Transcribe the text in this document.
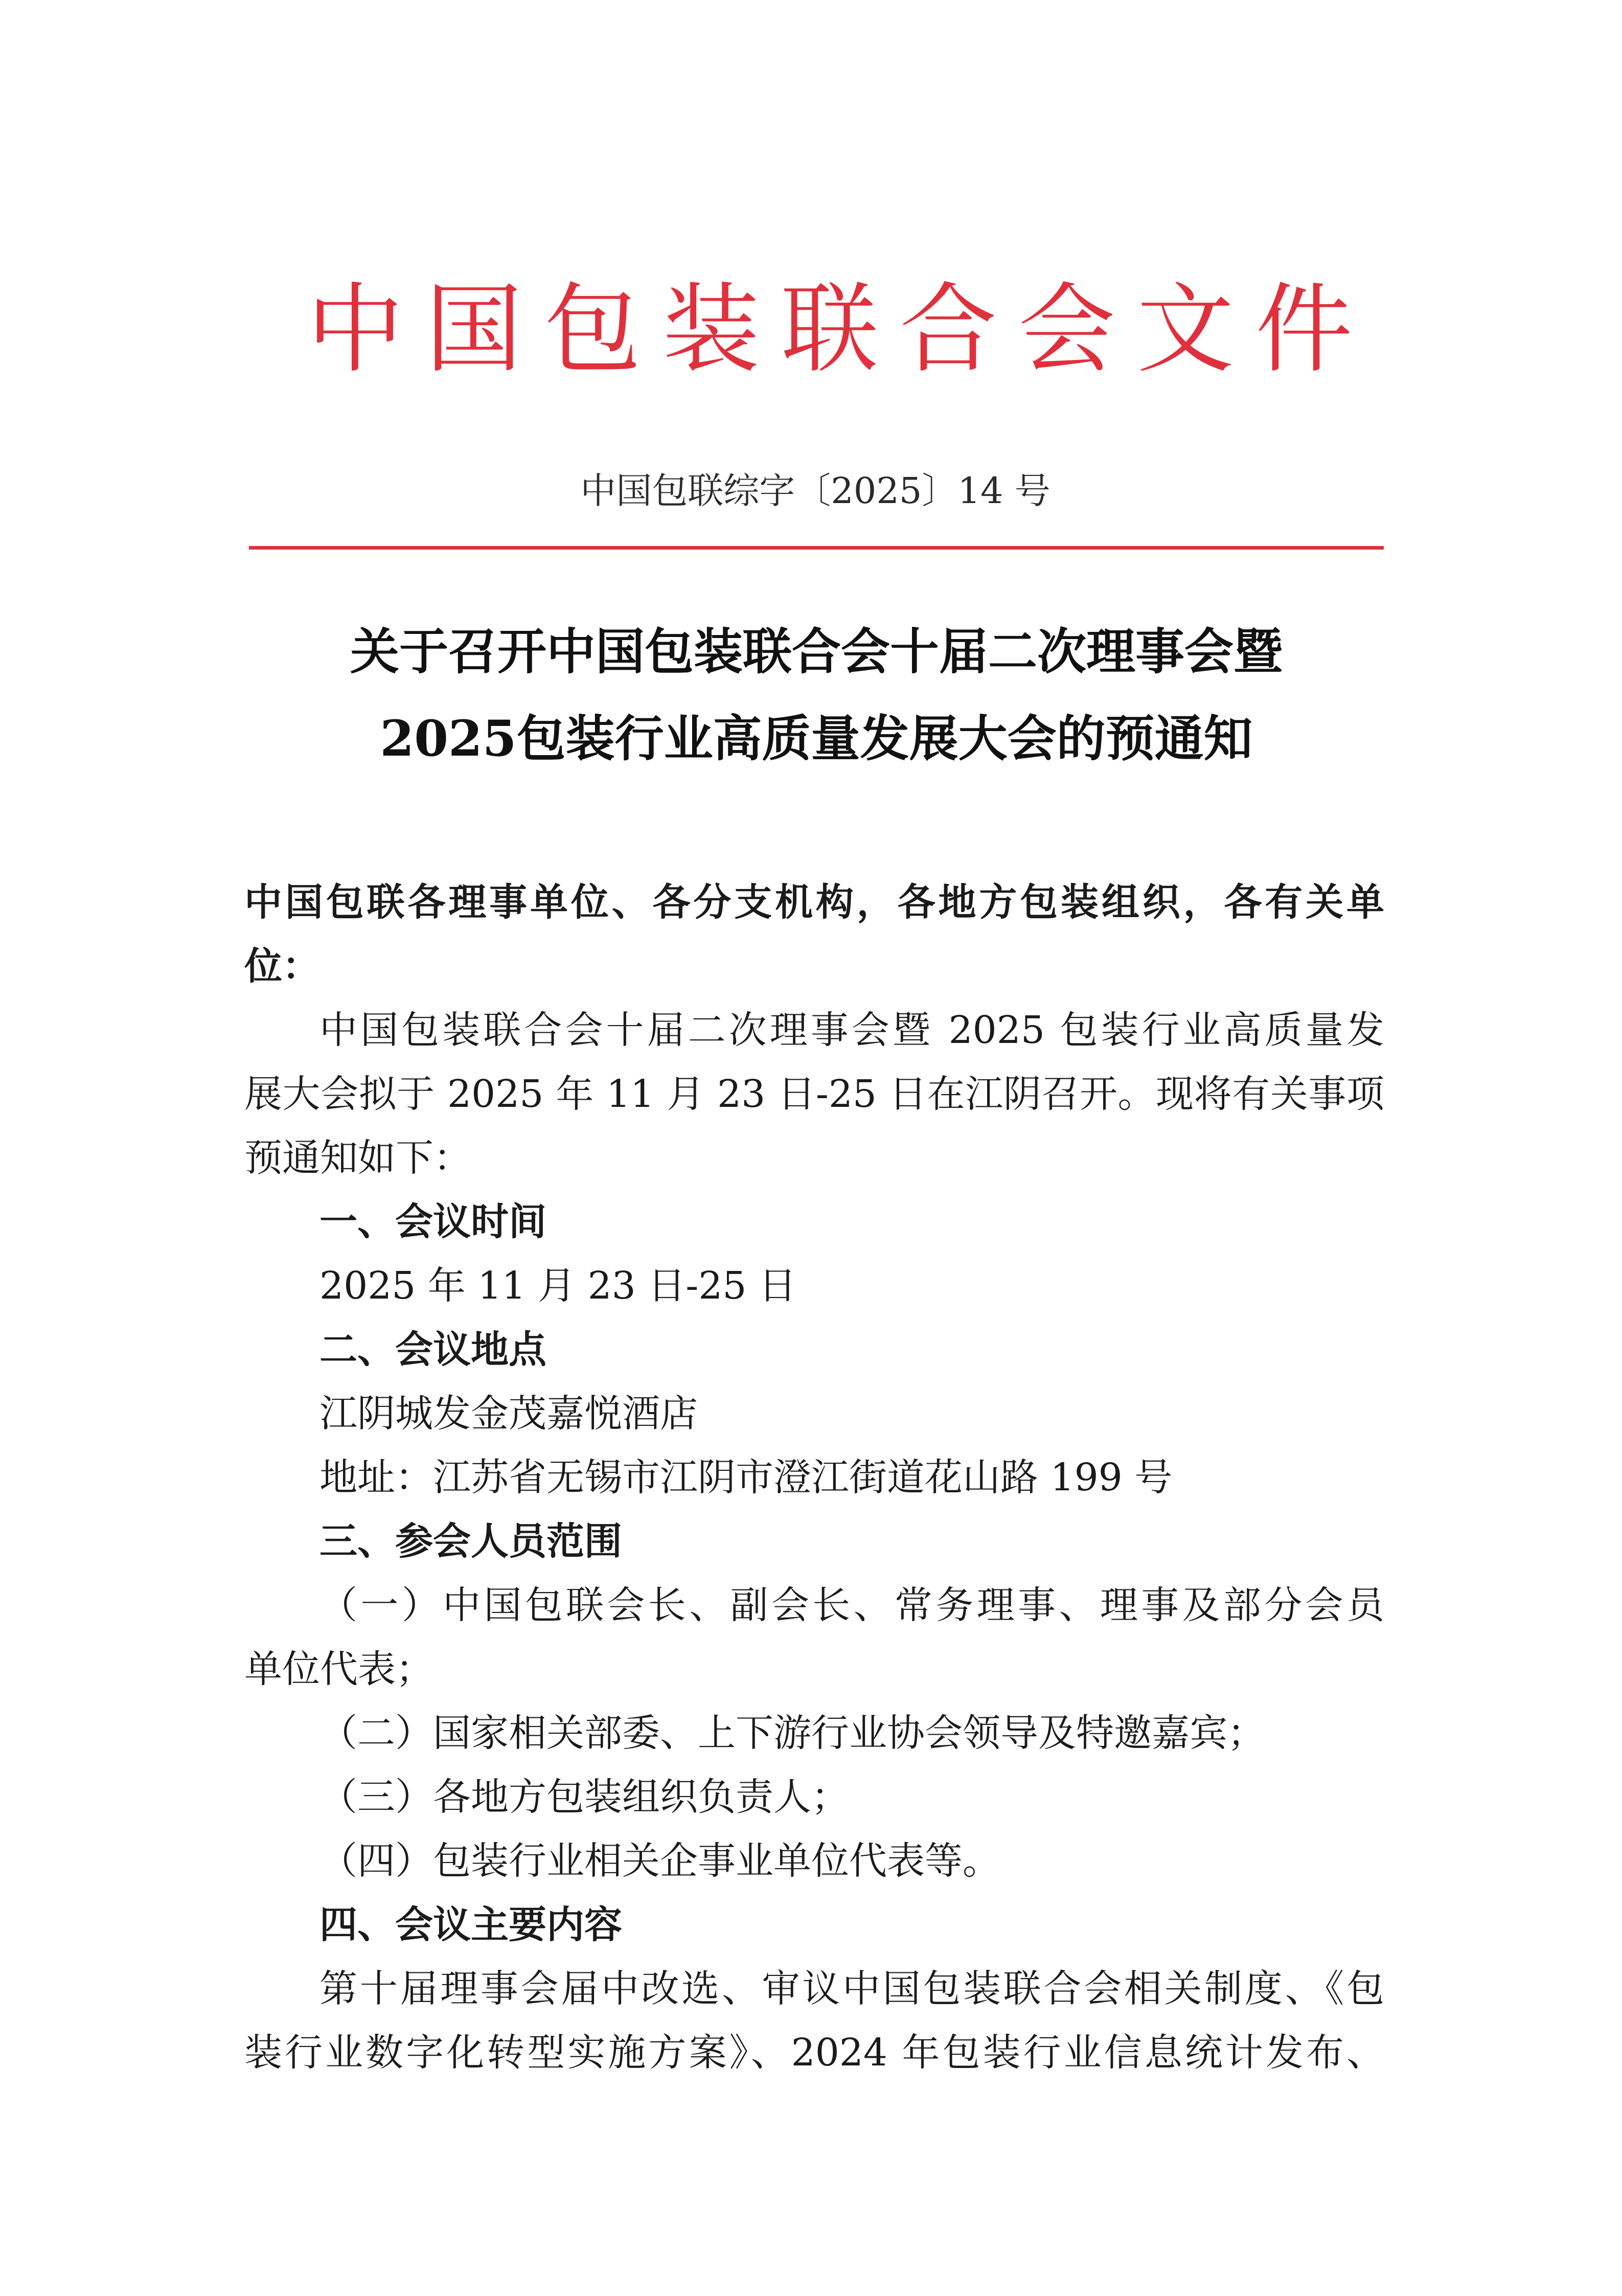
中国包装联合会文件
中国包联综字〔2025〕14 号
关于召开中国包装联合会十届二次理事会暨
2025包装行业高质量发展大会的预通知
中国包联各理事单位、各分支机构，各地方包装组织，各有关单
位：
中国包装联合会十届二次理事会暨 2025 包装行业高质量发
展大会拟于 2025 年 11 月 23 日-25 日在江阴召开。现将有关事项
预通知如下：
一、会议时间
2025 年 11 月 23 日-25 日
二、会议地点
江阴城发金茂嘉悦酒店
地址：江苏省无锡市江阴市澄江街道花山路 199 号
三、参会人员范围
（一）中国包联会长、副会长、常务理事、理事及部分会员
单位代表；
（二）国家相关部委、上下游行业协会领导及特邀嘉宾；
（三）各地方包装组织负责人；
（四）包装行业相关企事业单位代表等。
四、会议主要内容
第十届理事会届中改选、审议中国包装联合会相关制度、《包
装行业数字化转型实施方案》、2024 年包装行业信息统计发布、
